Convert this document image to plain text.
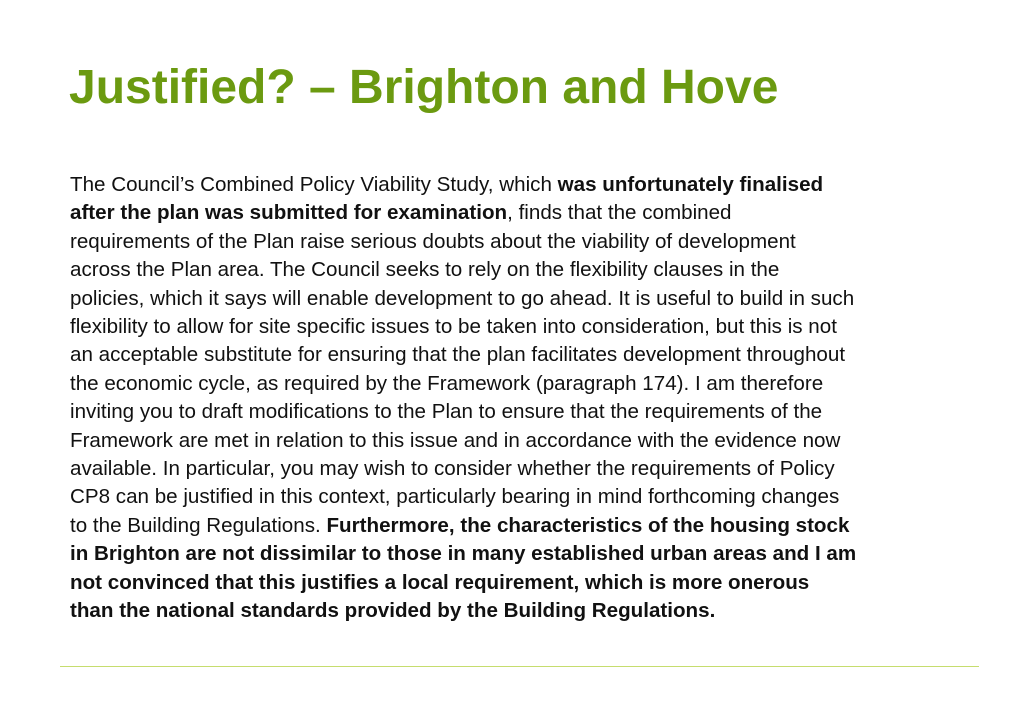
Justified? – Brighton and Hove
The Council’s Combined Policy Viability Study, which was unfortunately finalised
after the plan was submitted for examination, finds that the combined
requirements of the Plan raise serious doubts about the viability of development
across the Plan area. The Council seeks to rely on the flexibility clauses in the
policies, which it says will enable development to go ahead. It is useful to build in such
flexibility to allow for site specific issues to be taken into consideration, but this is not
an acceptable substitute for ensuring that the plan facilitates development throughout
the economic cycle, as required by the Framework (paragraph 174). I am therefore
inviting you to draft modifications to the Plan to ensure that the requirements of the
Framework are met in relation to this issue and in accordance with the evidence now
available. In particular, you may wish to consider whether the requirements of Policy
CP8 can be justified in this context, particularly bearing in mind forthcoming changes
to the Building Regulations. Furthermore, the characteristics of the housing stock
in Brighton are not dissimilar to those in many established urban areas and I am
not convinced that this justifies a local requirement, which is more onerous
than the national standards provided by the Building Regulations.
